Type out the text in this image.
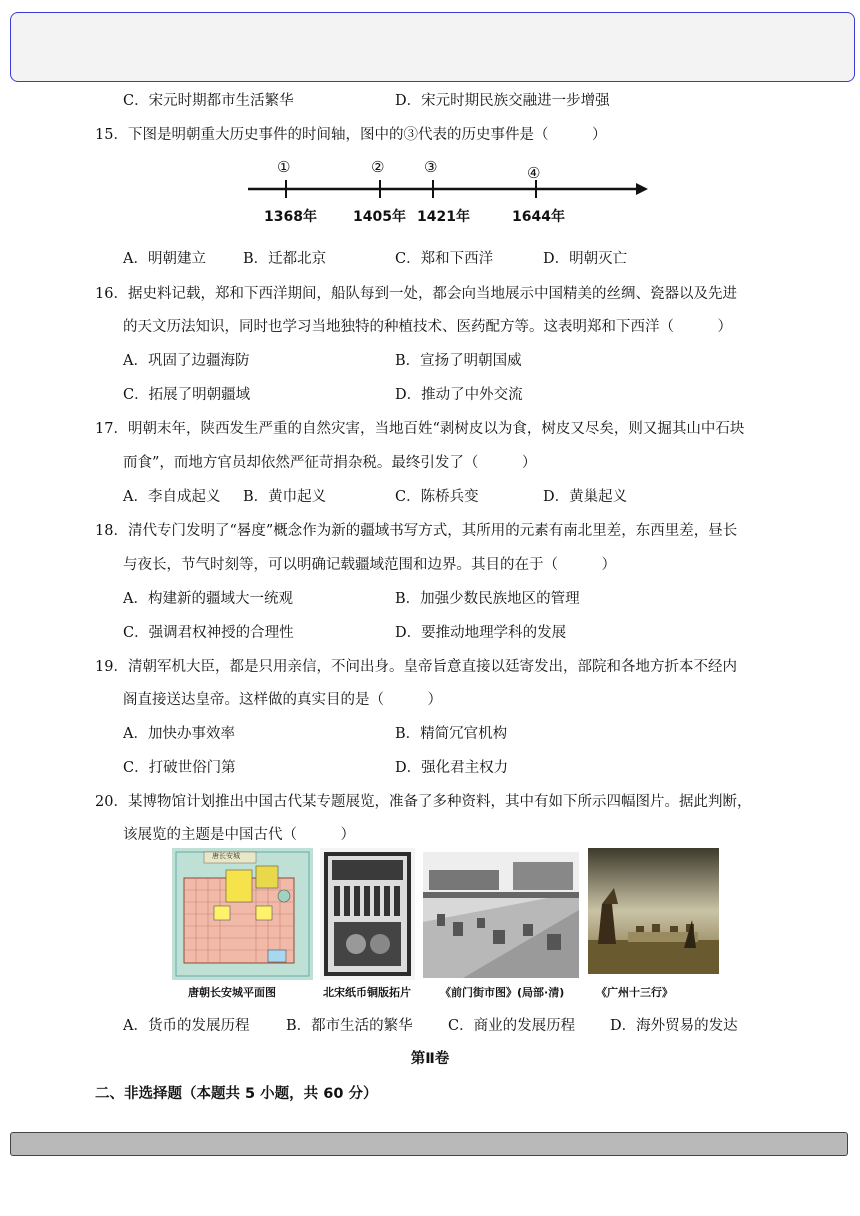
C．宋元时期都市生活繁华	D．宋元时期民族交融进一步增强
15．下图是明朝重大历史事件的时间轴，图中的③代表的历史事件是（　　　）
①	②	③	④
1368年	1405年 1421年	1644年
A．明朝建立	B．迁都北京	C．郑和下西洋	D．明朝灭亡
16．据史料记载，郑和下西洋期间，船队每到一处，都会向当地展示中国精美的丝绸、瓷器以及先进
的天文历法知识，同时也学习当地独特的种植技术、医药配方等。这表明郑和下西洋（　　　）
A．巩固了边疆海防	B．宣扬了明朝国威
C．拓展了明朝疆域	D．推动了中外交流
17．明朝末年，陕西发生严重的自然灾害，当地百姓“剥树皮以为食，树皮又尽矣，则又掘其山中石块
而食”，而地方官员却依然严征苛捐杂税。最终引发了（　　　）
A．李自成起义 B．黄巾起义	C．陈桥兵变	D．黄巢起义
18．清代专门发明了“晷度”概念作为新的疆域书写方式，其所用的元素有南北里差，东西里差，昼长
与夜长，节气时刻等，可以明确记载疆域范围和边界。其目的在于（　　　）
A．构建新的疆域大一统观	B．加强少数民族地区的管理
C．强调君权神授的合理性	D．要推动地理学科的发展
19．清朝军机大臣，都是只用亲信，不问出身。皇帝旨意直接以廷寄发出，部院和各地方折本不经内
阁直接送达皇帝。这样做的真实目的是（　　　）
A．加快办事效率	B．精简冗官机构
C．打破世俗门第	D．强化君主权力
20．某博物馆计划推出中国古代某专题展览，准备了多种资料，其中有如下所示四幅图片。据此判断，
该展览的主题是中国古代（　　　）
唐长安城
唐朝长安城平面图	北宋纸币铜版拓片	《前门街市图》(局部·清)	《广州十三行》
A．货币的发展历程	B．都市生活的繁华 C．商业的发展历程 D．海外贸易的发达
第Ⅱ卷
二、非选择题（本题共 5 小题，共 60 分）
